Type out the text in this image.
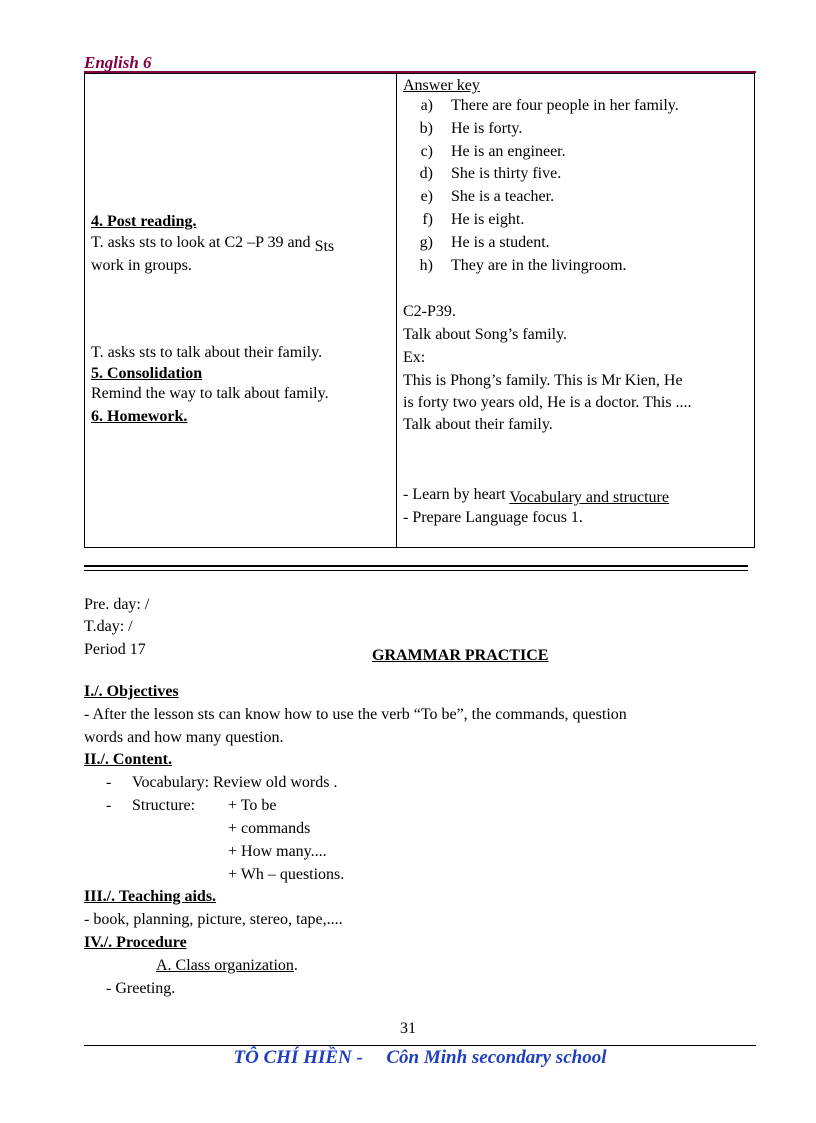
English 6
4. Post reading.
T. asks sts to look at C2 –P 39 and Sts
work in groups.
T. asks sts to talk about their family.
5. Consolidation
Remind the way to talk about family.
6. Homework.
Answer key
a) There are four people in her family.
b) He is forty.
c) He is an engineer.
d) She is thirty five.
e) She is a teacher.
f) He is eight.
g) He is a student.
h) They are in the livingroom.
C2-P39.
Talk about Song’s family.
Ex:
This is Phong’s family. This is Mr Kien, He
is forty two years old, He is a doctor. This ....
Talk about their family.
- Learn by heart Vocabulary and structure
- Prepare Language focus 1.
Pre. day: /
T.day: /
Period 17	GRAMMAR PRACTICE
I./. Objectives
- After the lesson sts can know how to use the verb “To be”, the commands, question
words and how many question.
II./. Content.
- Vocabulary: Review old words .
- Structure: + To be
+ commands
+ How many....
+ Wh – questions.
III./. Teaching aids.
- book, planning, picture, stereo, tape,....
IV./. Procedure
A. Class organization.
- Greeting.
31
TÔ CHÍ HIỀN - Côn Minh secondary school
